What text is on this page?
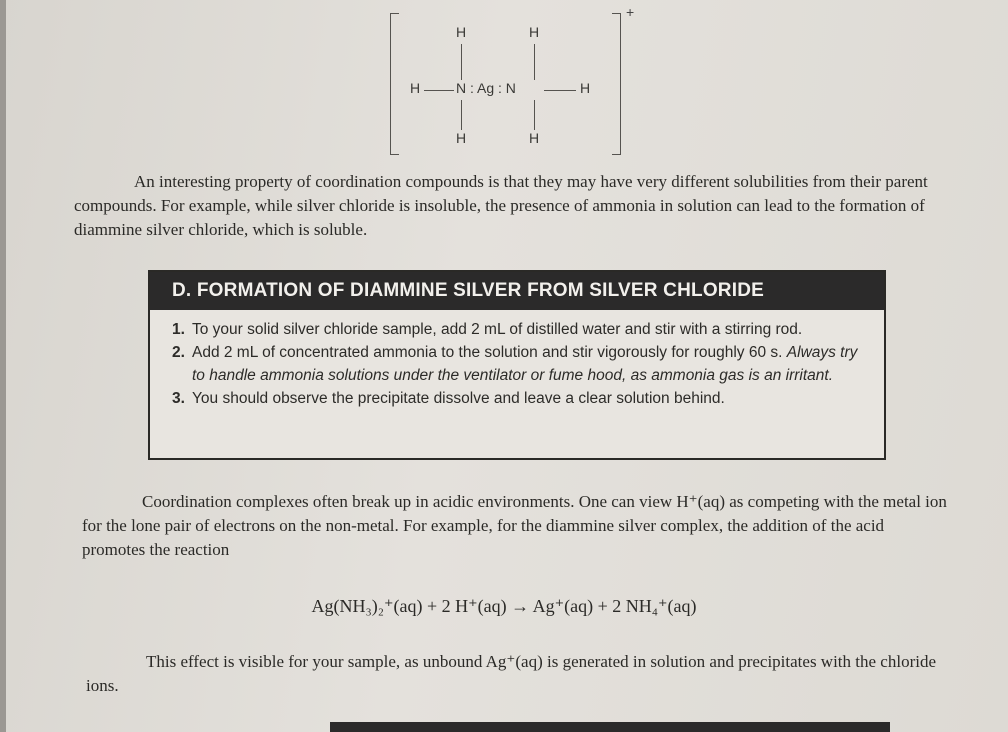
+
H	H
H	N : Ag : N	H
H	H

An interesting property of coordination compounds is that they may have very different solubilities from their parent compounds. For example, while silver chloride is insoluble, the presence of ammonia in solution can lead to the formation of diammine silver chloride, which is soluble.

D. FORMATION OF DIAMMINE SILVER FROM SILVER CHLORIDE
1. To your solid silver chloride sample, add 2 mL of distilled water and stir with a stirring rod.
2. Add 2 mL of concentrated ammonia to the solution and stir vigorously for roughly 60 s. Always try to handle ammonia solutions under the ventilator or fume hood, as ammonia gas is an irritant.
3. You should observe the precipitate dissolve and leave a clear solution behind.

Coordination complexes often break up in acidic environments. One can view H⁺(aq) as competing with the metal ion for the lone pair of electrons on the non-metal. For example, for the diammine silver complex, the addition of the acid promotes the reaction

Ag(NH₃)₂⁺(aq) + 2 H⁺(aq) → Ag⁺(aq) + 2 NH₄⁺(aq)

This effect is visible for your sample, as unbound Ag⁺(aq) is generated in solution and precipitates with the chloride ions.
